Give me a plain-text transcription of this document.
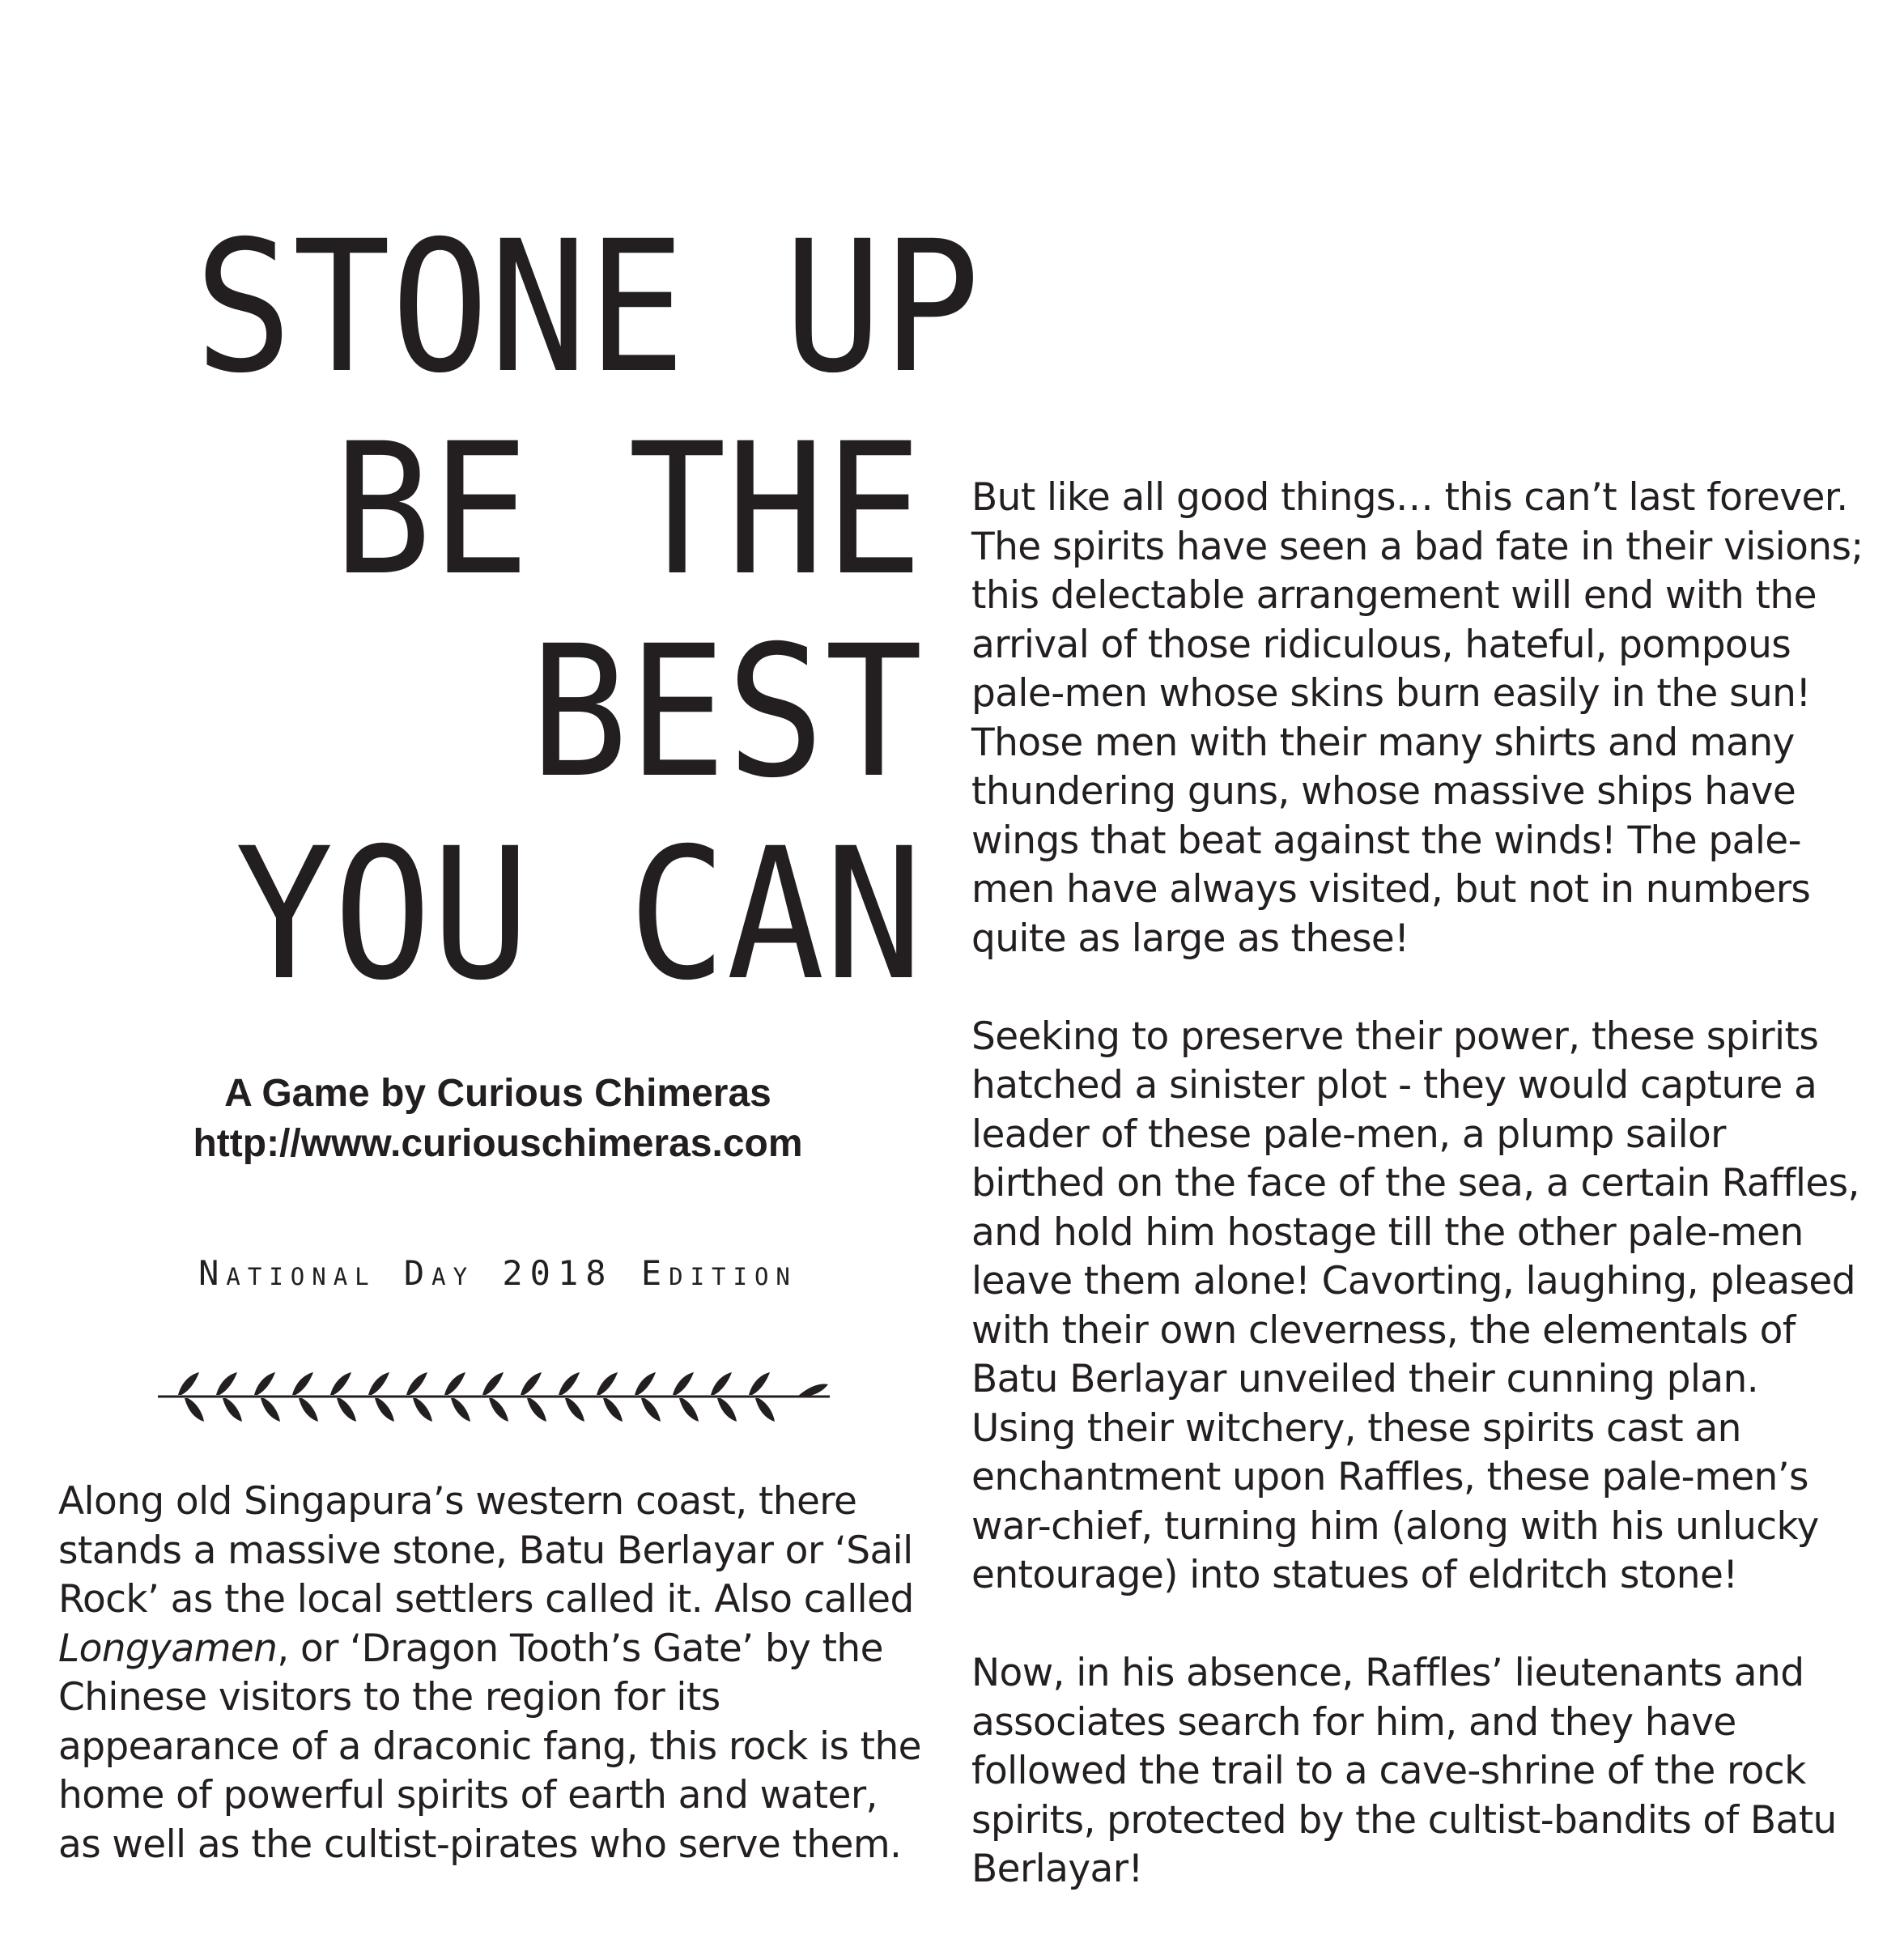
STONE UP
BE THE
BEST
YOU CAN
A Game by Curious Chimeras
http://www.curiouschimeras.com
National Day 2018 Edition

Along old Singapura’s western coast, there stands a massive stone, Batu Berlayar or ‘Sail Rock’ as the local settlers called it. Also called Longyamen, or ‘Dragon Tooth’s Gate’ by the Chinese visitors to the region for its appearance of a draconic fang, this rock is the home of powerful spirits of earth and water, as well as the cultist-pirates who serve them.

But like all good things… this can’t last forever. The spirits have seen a bad fate in their visions; this delectable arrangement will end with the arrival of those ridiculous, hateful, pompous pale-men whose skins burn easily in the sun! Those men with their many shirts and many thundering guns, whose massive ships have wings that beat against the winds! The pale-men have always visited, but not in numbers quite as large as these!

Seeking to preserve their power, these spirits hatched a sinister plot - they would capture a leader of these pale-men, a plump sailor birthed on the face of the sea, a certain Raffles, and hold him hostage till the other pale-men leave them alone! Cavorting, laughing, pleased with their own cleverness, the elementals of Batu Berlayar unveiled their cunning plan. Using their witchery, these spirits cast an enchantment upon Raffles, these pale-men’s war-chief, turning him (along with his unlucky entourage) into statues of eldritch stone!

Now, in his absence, Raffles’ lieutenants and associates search for him, and they have followed the trail to a cave-shrine of the rock spirits, protected by the cultist-bandits of Batu Berlayar!
